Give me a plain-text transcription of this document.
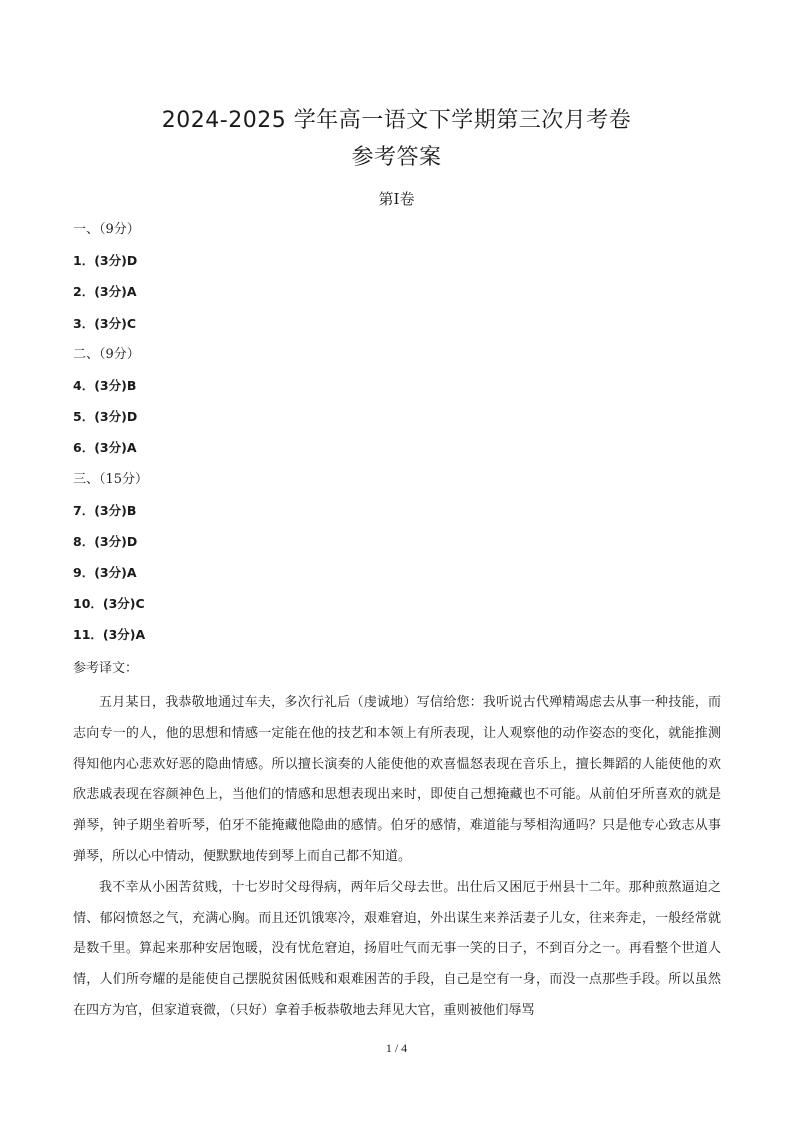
2024-2025 学年高一语文下学期第三次月考卷
参考答案
第Ⅰ卷
一、（9分）
1．(3分)D
2．(3分)A
3．(3分)C
二、（9分）
4．(3分)B
5．(3分)D
6．(3分)A
三、（15分）
7．(3分)B
8．(3分)D
9．(3分)A
10．(3分)C
11．(3分)A
参考译文：

五月某日，我恭敬地通过车夫，多次行礼后（虔诚地）写信给您：我听说古代殚精竭虑去从事一种技能，而志向专一的人，他的思想和情感一定能在他的技艺和本领上有所表现，让人观察他的动作姿态的变化，就能推测得知他内心悲欢好恶的隐曲情感。所以擅长演奏的人能使他的欢喜愠怒表现在音乐上，擅长舞蹈的人能使他的欢欣悲戚表现在容颜神色上，当他们的情感和思想表现出来时，即使自己想掩藏也不可能。从前伯牙所喜欢的就是弹琴，钟子期坐着听琴，伯牙不能掩藏他隐曲的感情。伯牙的感情，难道能与琴相沟通吗？只是他专心致志从事弹琴，所以心中情动，便默默地传到琴上而自己都不知道。

我不幸从小困苦贫贱，十七岁时父母得病，两年后父母去世。出仕后又困厄于州县十二年。那种煎熬逼迫之情、郁闷愤怒之气，充满心胸。而且还饥饿寒冷，艰难窘迫，外出谋生来养活妻子儿女，往来奔走，一般经常就是数千里。算起来那种安居饱暖，没有忧危窘迫，扬眉吐气而无事一笑的日子，不到百分之一。再看整个世道人情，人们所夸耀的是能使自己摆脱贫困低贱和艰难困苦的手段，自己是空有一身，而没一点那些手段。所以虽然在四方为官，但家道衰微，（只好）拿着手板恭敬地去拜见大官，重则被他们辱骂

1 / 4
